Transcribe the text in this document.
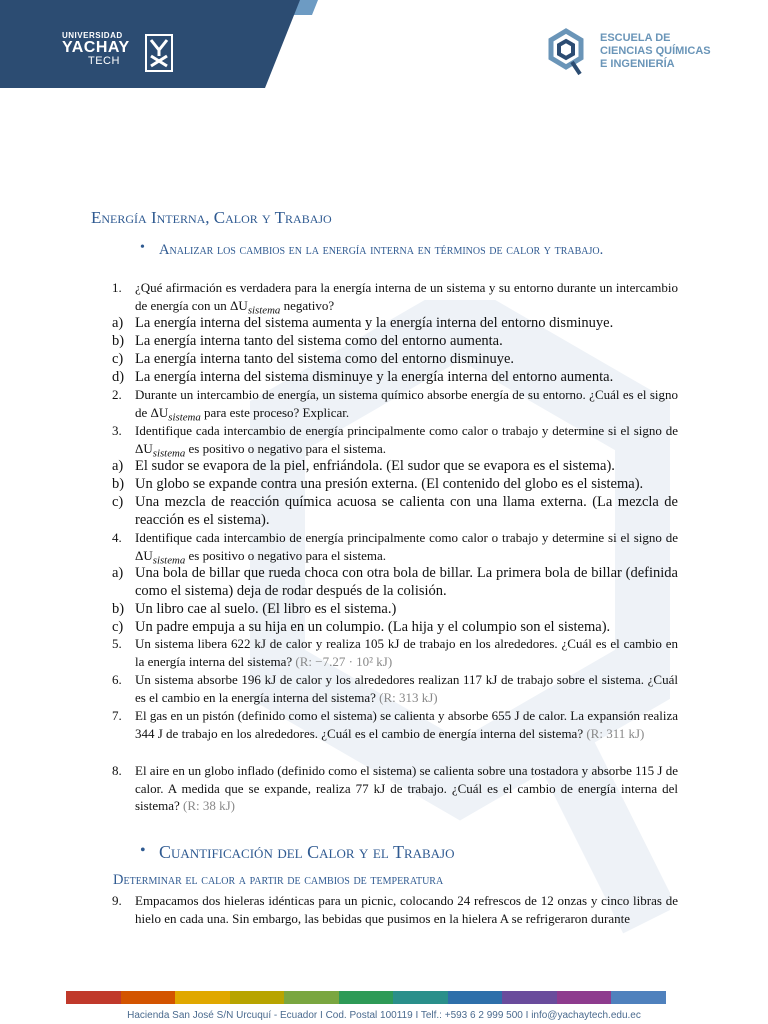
UNIVERSIDAD
YACHAY
TECH
ESCUELA DE
CIENCIAS QUÍMICAS
E INGENIERÍA
Energía Interna, Calor y Trabajo
• Analizar los cambios en la energía interna en términos de calor y trabajo.
1. ¿Qué afirmación es verdadera para la energía interna de un sistema y su entorno durante un intercambio de energía con un $\Delta U_{sistema}$ negativo?
a) La energía interna del sistema aumenta y la energía interna del entorno disminuye.
b) La energía interna tanto del sistema como del entorno aumenta.
c) La energía interna tanto del sistema como del entorno disminuye.
d) La energía interna del sistema disminuye y la energía interna del entorno aumenta.
2. Durante un intercambio de energía, un sistema químico absorbe energía de su entorno. ¿Cuál es el signo de $\Delta U_{sistema}$ para este proceso? Explicar.
3. Identifique cada intercambio de energía principalmente como calor o trabajo y determine si el signo de $\Delta U_{sistema}$ es positivo o negativo para el sistema.
a) El sudor se evapora de la piel, enfriándola. (El sudor que se evapora es el sistema).
b) Un globo se expande contra una presión externa. (El contenido del globo es el sistema).
c) Una mezcla de reacción química acuosa se calienta con una llama externa. (La mezcla de reacción es el sistema).
4. Identifique cada intercambio de energía principalmente como calor o trabajo y determine si el signo de $\Delta U_{sistema}$ es positivo o negativo para el sistema.
a) Una bola de billar que rueda choca con otra bola de billar. La primera bola de billar (definida como el sistema) deja de rodar después de la colisión.
b) Un libro cae al suelo. (El libro es el sistema.)
c) Un padre empuja a su hija en un columpio. (La hija y el columpio son el sistema).
5. Un sistema libera 622 kJ de calor y realiza 105 kJ de trabajo en los alrededores. ¿Cuál es el cambio en la energía interna del sistema? (R: −7.27 · 10² kJ)
6. Un sistema absorbe 196 kJ de calor y los alrededores realizan 117 kJ de trabajo sobre el sistema. ¿Cuál es el cambio en la energía interna del sistema? (R: 313 kJ)
7. El gas en un pistón (definido como el sistema) se calienta y absorbe 655 J de calor. La expansión realiza 344 J de trabajo en los alrededores. ¿Cuál es el cambio de energía interna del sistema? (R: 311 kJ)
8. El aire en un globo inflado (definido como el sistema) se calienta sobre una tostadora y absorbe 115 J de calor. A medida que se expande, realiza 77 kJ de trabajo. ¿Cuál es el cambio de energía interna del sistema? (R: 38 kJ)
• Cuantificación del Calor y el Trabajo
Determinar el calor a partir de cambios de temperatura
9. Empacamos dos hieleras idénticas para un picnic, colocando 24 refrescos de 12 onzas y cinco libras de hielo en cada una. Sin embargo, las bebidas que pusimos en la hielera A se refrigeraron durante
Hacienda San José S/N Urcuquí - Ecuador I Cod. Postal 100119 I Telf.: +593 6 2 999 500 I info@yachaytech.edu.ec
